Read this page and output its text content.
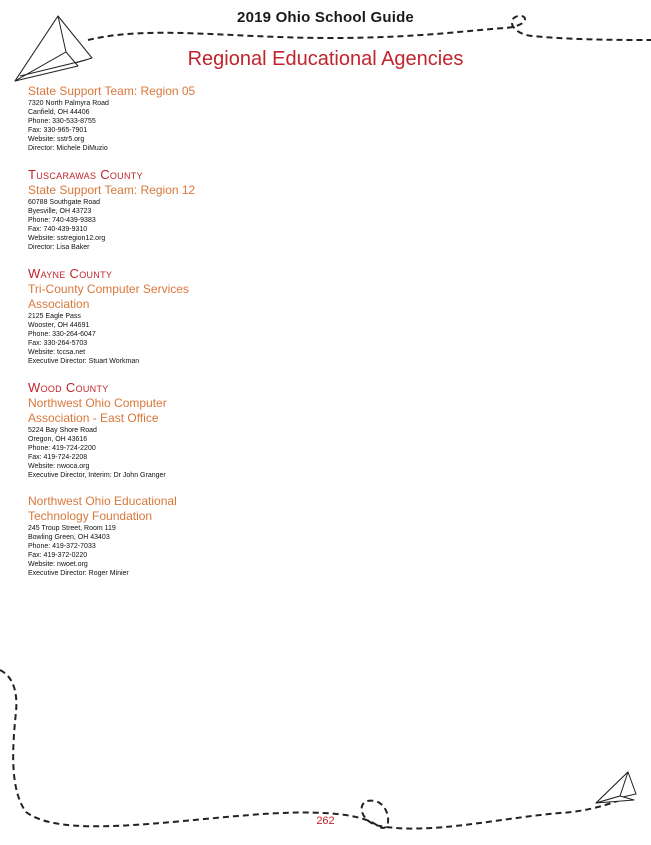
2019 Ohio School Guide
Regional Educational Agencies

State Support Team: Region 05

7320 North Palmyra Road

Canfield, OH 44406

Phone: 330-533-8755

Fax: 330-965-7901

Website: sstr5.org

Director: Michele DiMuzio

Tuscarawas County

State Support Team: Region 12

60788 Southgate Road

Byesville, OH 43723

Phone: 740-439-9383

Fax: 740-439-9310

Website: sstregion12.org

Director: Lisa Baker

Wayne County

Tri-County Computer Services

Association

2125 Eagle Pass

Wooster, OH 44691

Phone: 330-264-6047

Fax: 330-264-5703

Website: tccsa.net

Executive Director: Stuart Workman

Wood County

Northwest Ohio Computer

Association - East Office

5224 Bay Shore Road

Oregon, OH 43616

Phone: 419-724-2200

Fax: 419-724-2208

Website: nwoca.org

Executive Director, Interim: Dr John Granger

Northwest Ohio Educational

Technology Foundation

245 Troup Street, Room 119

Bowling Green, OH 43403

Phone: 419-372-7033

Fax: 419-372-0220

Website: nwoet.org

Executive Director: Roger Minier

262
